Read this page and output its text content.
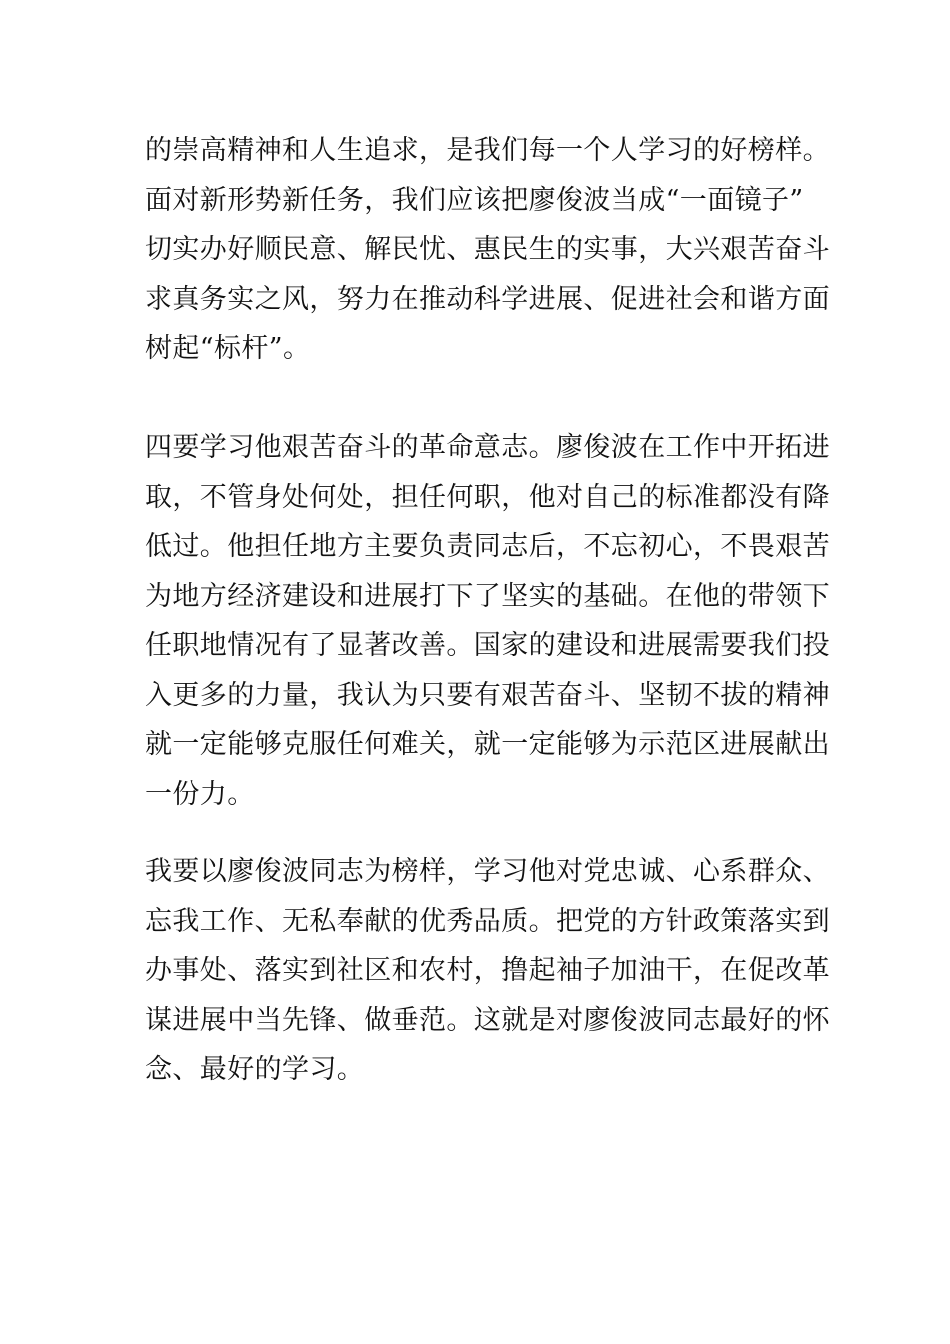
的崇高精神和人生追求，是我们每一个人学习的好榜样。
面对新形势新任务，我们应该把廖俊波当成“一面镜子”
切实办好顺民意、解民忧、惠民生的实事，大兴艰苦奋斗
求真务实之风，努力在推动科学进展、促进社会和谐方面
树起“标杆”。
四要学习他艰苦奋斗的革命意志。廖俊波在工作中开拓进
取，不管身处何处，担任何职，他对自己的标准都没有降
低过。他担任地方主要负责同志后，不忘初心，不畏艰苦
为地方经济建设和进展打下了坚实的基础。在他的带领下
任职地情况有了显著改善。国家的建设和进展需要我们投
入更多的力量，我认为只要有艰苦奋斗、坚韧不拔的精神
就一定能够克服任何难关，就一定能够为示范区进展献出
一份力。
我要以廖俊波同志为榜样，学习他对党忠诚、心系群众、
忘我工作、无私奉献的优秀品质。把党的方针政策落实到
办事处、落实到社区和农村，撸起袖子加油干，在促改革
谋进展中当先锋、做垂范。这就是对廖俊波同志最好的怀
念、最好的学习。
